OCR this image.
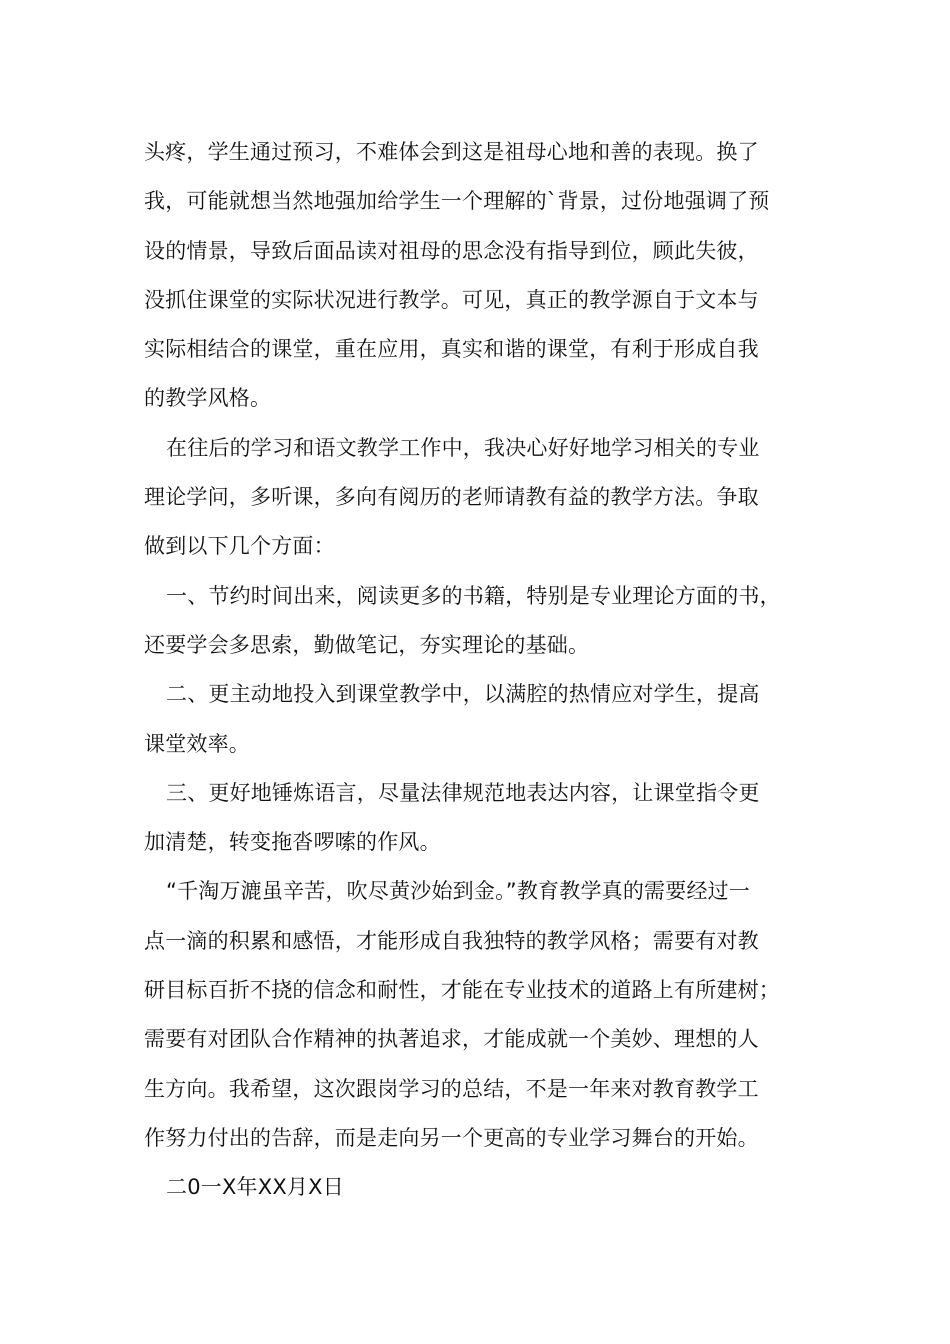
头疼，学生通过预习，不难体会到这是祖母心地和善的表现。换了
我，可能就想当然地强加给学生一个理解的`背景，过份地强调了预
设的情景，导致后面品读对祖母的思念没有指导到位，顾此失彼，
没抓住课堂的实际状况进行教学。可见，真正的教学源自于文本与
实际相结合的课堂，重在应用，真实和谐的课堂，有利于形成自我
的教学风格。
在往后的学习和语文教学工作中，我决心好好地学习相关的专业
理论学问，多听课，多向有阅历的老师请教有益的教学方法。争取
做到以下几个方面：
一、节约时间出来，阅读更多的书籍，特别是专业理论方面的书，
还要学会多思索，勤做笔记，夯实理论的基础。
二、更主动地投入到课堂教学中，以满腔的热情应对学生，提高
课堂效率。
三、更好地锤炼语言，尽量法律规范地表达内容，让课堂指令更
加清楚，转变拖沓啰嗦的作风。
“千淘万漉虽辛苦，吹尽黄沙始到金。”教育教学真的需要经过一
点一滴的积累和感悟，才能形成自我独特的教学风格；需要有对教
研目标百折不挠的信念和耐性，才能在专业技术的道路上有所建树；
需要有对团队合作精神的执著追求，才能成就一个美妙、理想的人
生方向。我希望，这次跟岗学习的总结，不是一年来对教育教学工
作努力付出的告辞，而是走向另一个更高的专业学习舞台的开始。
二0一X年XX月X日
